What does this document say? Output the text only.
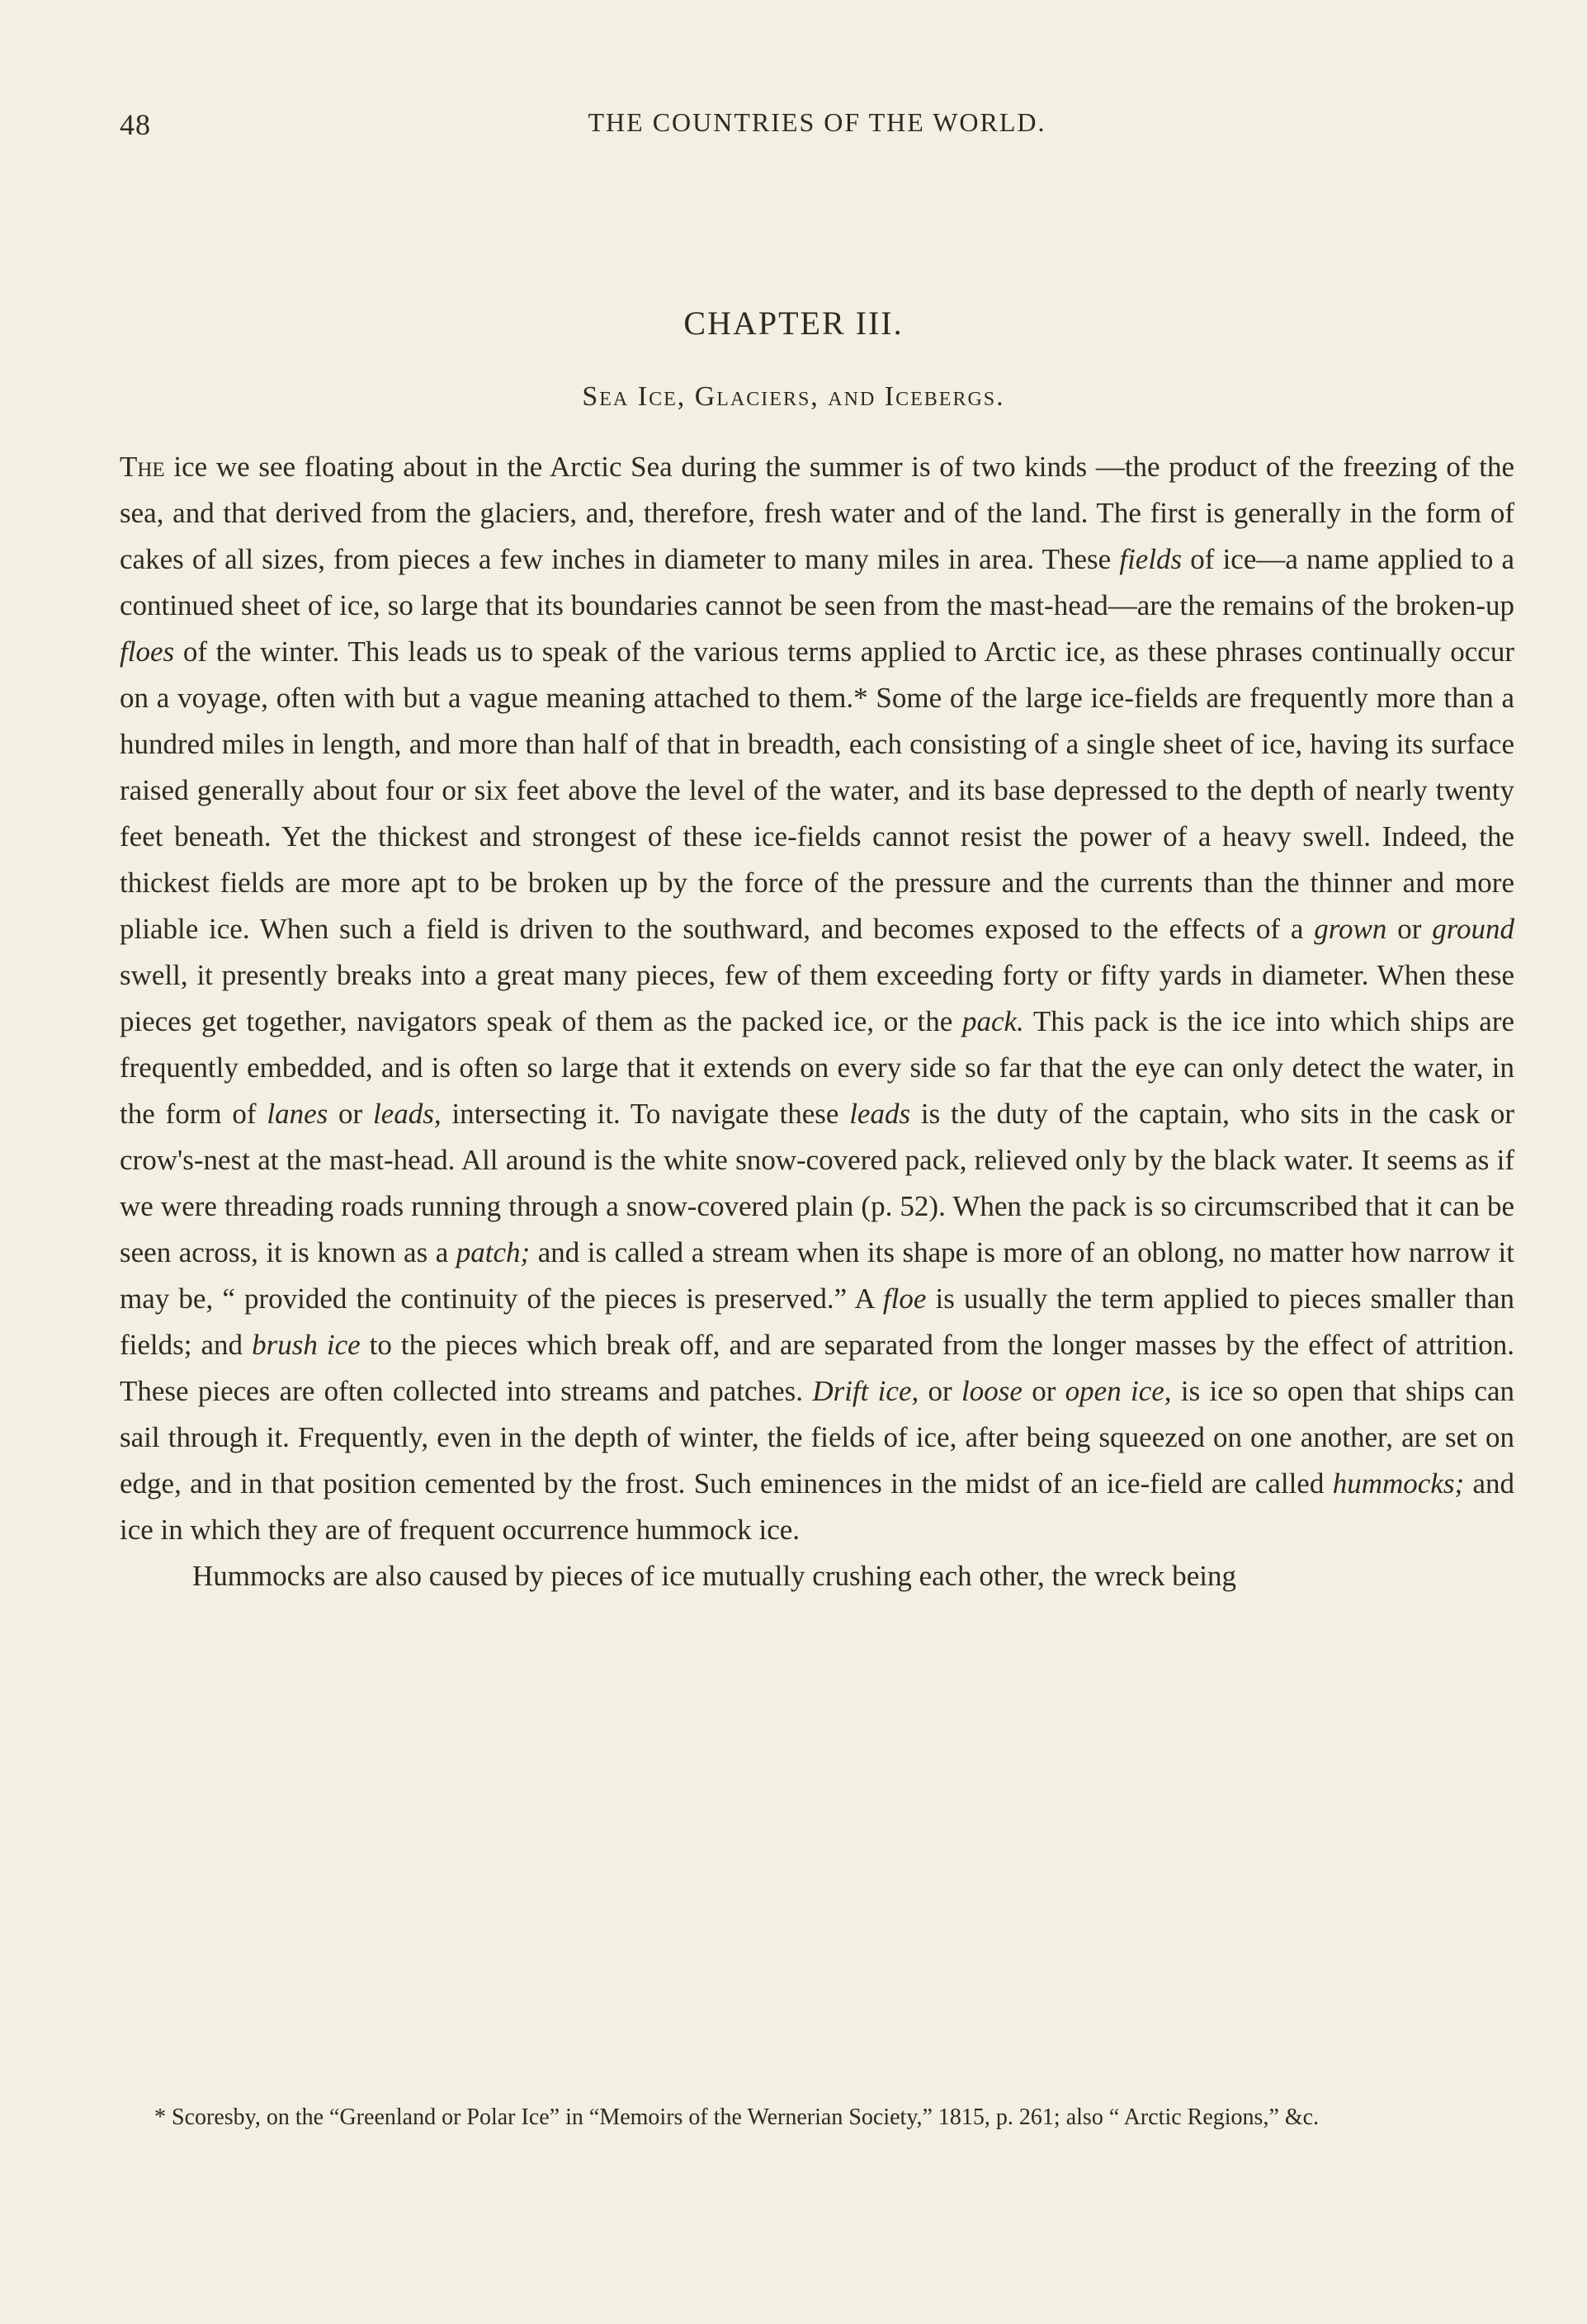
48	THE COUNTRIES OF THE WORLD.
CHAPTER III.
Sea Ice, Glaciers, and Icebergs.

The ice we see floating about in the Arctic Sea during the summer is of two kinds —the product of the freezing of the sea, and that derived from the glaciers, and, therefore, fresh water and of the land. The first is generally in the form of cakes of all sizes, from pieces a few inches in diameter to many miles in area. These fields of ice—a name applied to a continued sheet of ice, so large that its boundaries cannot be seen from the mast-head—are the remains of the broken-up floes of the winter. This leads us to speak of the various terms applied to Arctic ice, as these phrases continually occur on a voyage, often with but a vague meaning attached to them.* Some of the large ice-fields are frequently more than a hundred miles in length, and more than half of that in breadth, each consisting of a single sheet of ice, having its surface raised generally about four or six feet above the level of the water, and its base depressed to the depth of nearly twenty feet beneath. Yet the thickest and strongest of these ice-fields cannot resist the power of a heavy swell. Indeed, the thickest fields are more apt to be broken up by the force of the pressure and the currents than the thinner and more pliable ice. When such a field is driven to the southward, and becomes exposed to the effects of a grown or ground swell, it presently breaks into a great many pieces, few of them exceeding forty or fifty yards in diameter. When these pieces get together, navigators speak of them as the packed ice, or the pack. This pack is the ice into which ships are frequently embedded, and is often so large that it extends on every side so far that the eye can only detect the water, in the form of lanes or leads, intersecting it. To navigate these leads is the duty of the captain, who sits in the cask or crow's-nest at the mast-head. All around is the white snow-covered pack, relieved only by the black water. It seems as if we were threading roads running through a snow-covered plain (p. 52). When the pack is so circumscribed that it can be seen across, it is known as a patch; and is called a stream when its shape is more of an oblong, no matter how narrow it may be, “ provided the continuity of the pieces is preserved.” A floe is usually the term applied to pieces smaller than fields; and brush ice to the pieces which break off, and are separated from the longer masses by the effect of attrition. These pieces are often collected into streams and patches. Drift ice, or loose or open ice, is ice so open that ships can sail through it. Frequently, even in the depth of winter, the fields of ice, after being squeezed on one another, are set on edge, and in that position cemented by the frost. Such eminences in the midst of an ice-field are called hummocks; and ice in which they are of frequent occurrence hummock ice.

Hummocks are also caused by pieces of ice mutually crushing each other, the wreck being

* Scoresby, on the “Greenland or Polar Ice” in “Memoirs of the Wernerian Society,” 1815, p. 261; also “ Arctic Regions,” &c.
